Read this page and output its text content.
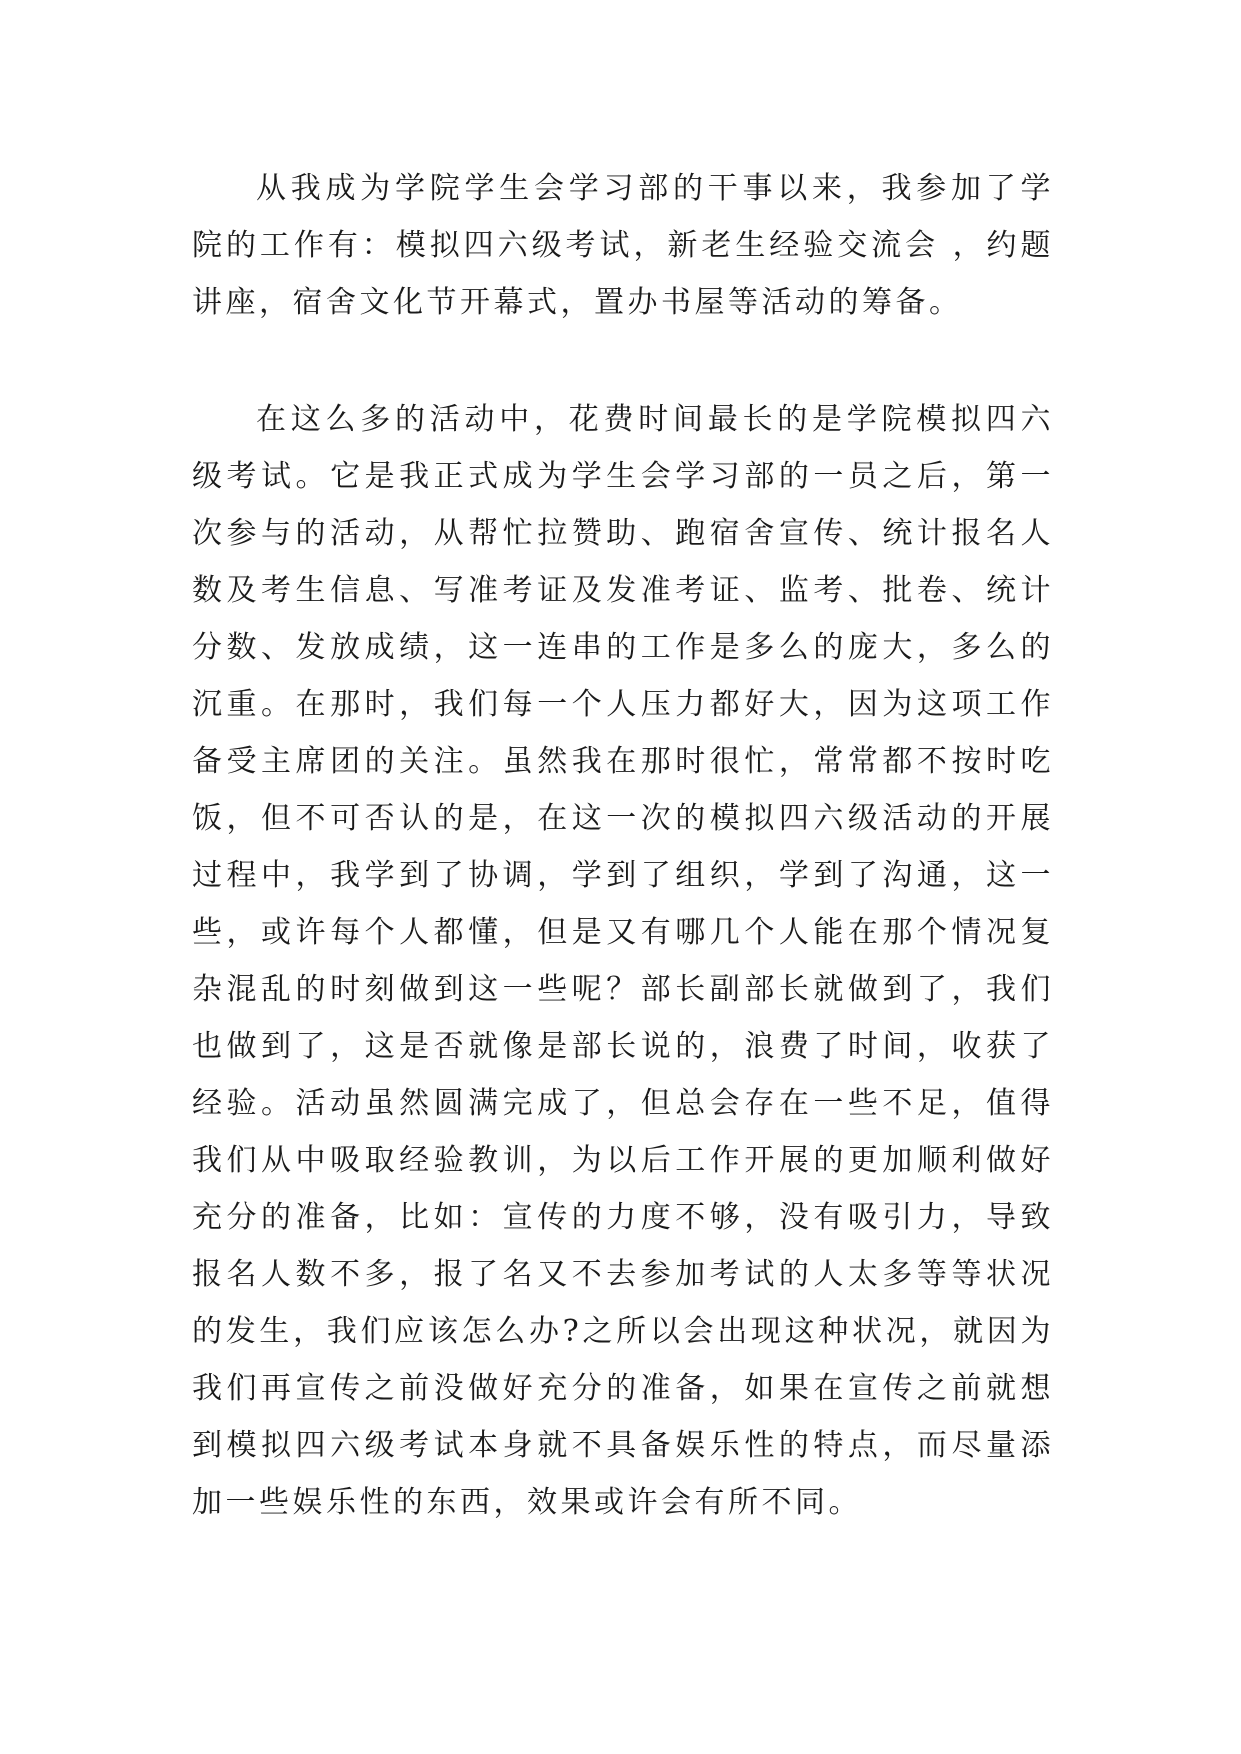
从我成为学院学生会学习部的干事以来，我参加了学院的工作有：模拟四六级考试，新老生经验交流会 ，约题讲座，宿舍文化节开幕式，置办书屋等活动的筹备。

在这么多的活动中，花费时间最长的是学院模拟四六级考试。它是我正式成为学生会学习部的一员之后，第一次参与的活动，从帮忙拉赞助、跑宿舍宣传、统计报名人数及考生信息、写准考证及发准考证、监考、批卷、统计分数、发放成绩，这一连串的工作是多么的庞大，多么的沉重。在那时，我们每一个人压力都好大，因为这项工作备受主席团的关注。虽然我在那时很忙，常常都不按时吃饭，但不可否认的是，在这一次的模拟四六级活动的开展过程中，我学到了协调，学到了组织，学到了沟通，这一些，或许每个人都懂，但是又有哪几个人能在那个情况复杂混乱的时刻做到这一些呢？部长副部长就做到了，我们也做到了，这是否就像是部长说的，浪费了时间，收获了经验。活动虽然圆满完成了，但总会存在一些不足，值得我们从中吸取经验教训，为以后工作开展的更加顺利做好充分的准备，比如：宣传的力度不够，没有吸引力，导致报名人数不多，报了名又不去参加考试的人太多等等状况的发生，我们应该怎么办?之所以会出现这种状况，就因为我们再宣传之前没做好充分的准备，如果在宣传之前就想到模拟四六级考试本身就不具备娱乐性的特点，而尽量添加一些娱乐性的东西，效果或许会有所不同。
